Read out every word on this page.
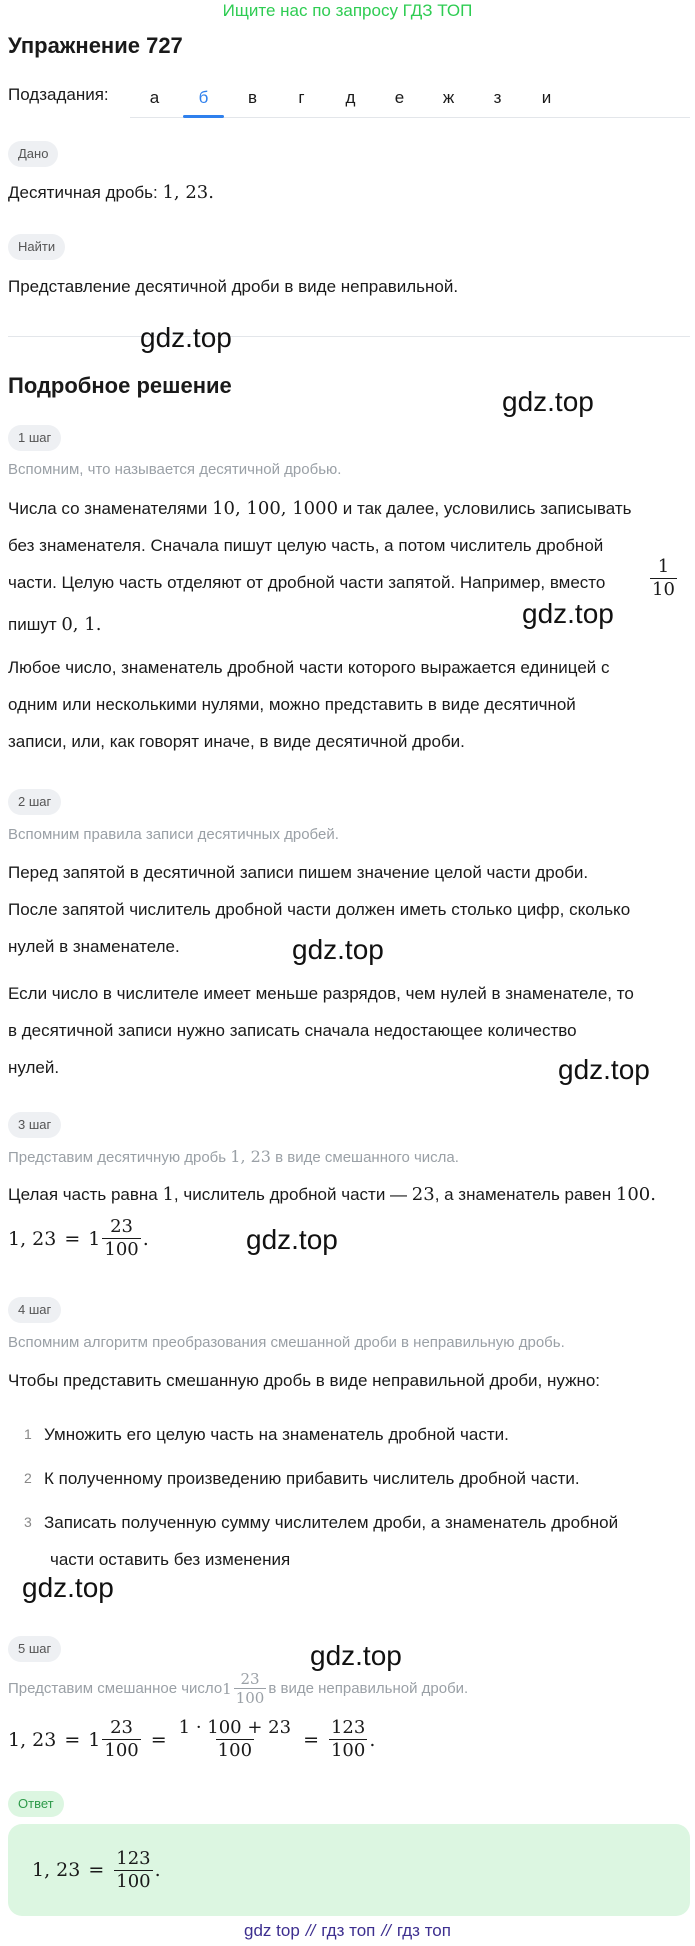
Ищите нас по запросу ГДЗ ТОП
Упражнение 727
Подзадания:	а	б	в	г	д	е	ж	з	и
Дано
Десятичная дробь: 1, 23.
Найти
Представление десятичной дроби в виде неправильной.
gdz.top
Подробное решение
gdz.top
1 шаг
Вспомним, что называется десятичной дробью.
Числа со знаменателями 10, 100, 1000 и так далее, условились записывать
без знаменателя. Сначала пишут целую часть, а потом числитель дробной
части. Целую часть отделяют от дробной части запятой. Например, вместо	$\frac{1}{10}$
пишут 0, 1.	gdz.top
Любое число, знаменатель дробной части которого выражается единицей с
одним или несколькими нулями, можно представить в виде десятичной
записи, или, как говорят иначе, в виде десятичной дроби.
2 шаг
Вспомним правила записи десятичных дробей.
Перед запятой в десятичной записи пишем значение целой части дроби.
После запятой числитель дробной части должен иметь столько цифр, сколько
нулей в знаменателе.	gdz.top
Если число в числителе имеет меньше разрядов, чем нулей в знаменателе, то
в десятичной записи нужно записать сначала недостающее количество
нулей.	gdz.top
3 шаг
Представим десятичную дробь 1, 23 в виде смешанного числа.
Целая часть равна 1, числитель дробной части — 23, а знаменатель равен 100.
1, $23 = 1 \frac{23}{100}$ .	gdz.top
4 шаг
Вспомним алгоритм преобразования смешанной дроби в неправильную дробь.
Чтобы представить смешанную дробь в виде неправильной дроби, нужно:
1 Умножить его целую часть на знаменатель дробной части.
2 К полученному произведению прибавить числитель дробной части.
3 Записать полученную сумму числителем дроби, а знаменатель дробной
части оставить без изменения
gdz.top
5 шаг	gdz.top
Представим смешанное число $1 \frac{23}{100}$ в виде неправильной дроби.
1, $23 = 1 \frac{23}{100} = \frac{1 \cdot 100 + 23}{100} = \frac{123}{100}$ .
Ответ
1, $23 = \frac{123}{100}$ .
gdz top // гдз топ // гдз топ
